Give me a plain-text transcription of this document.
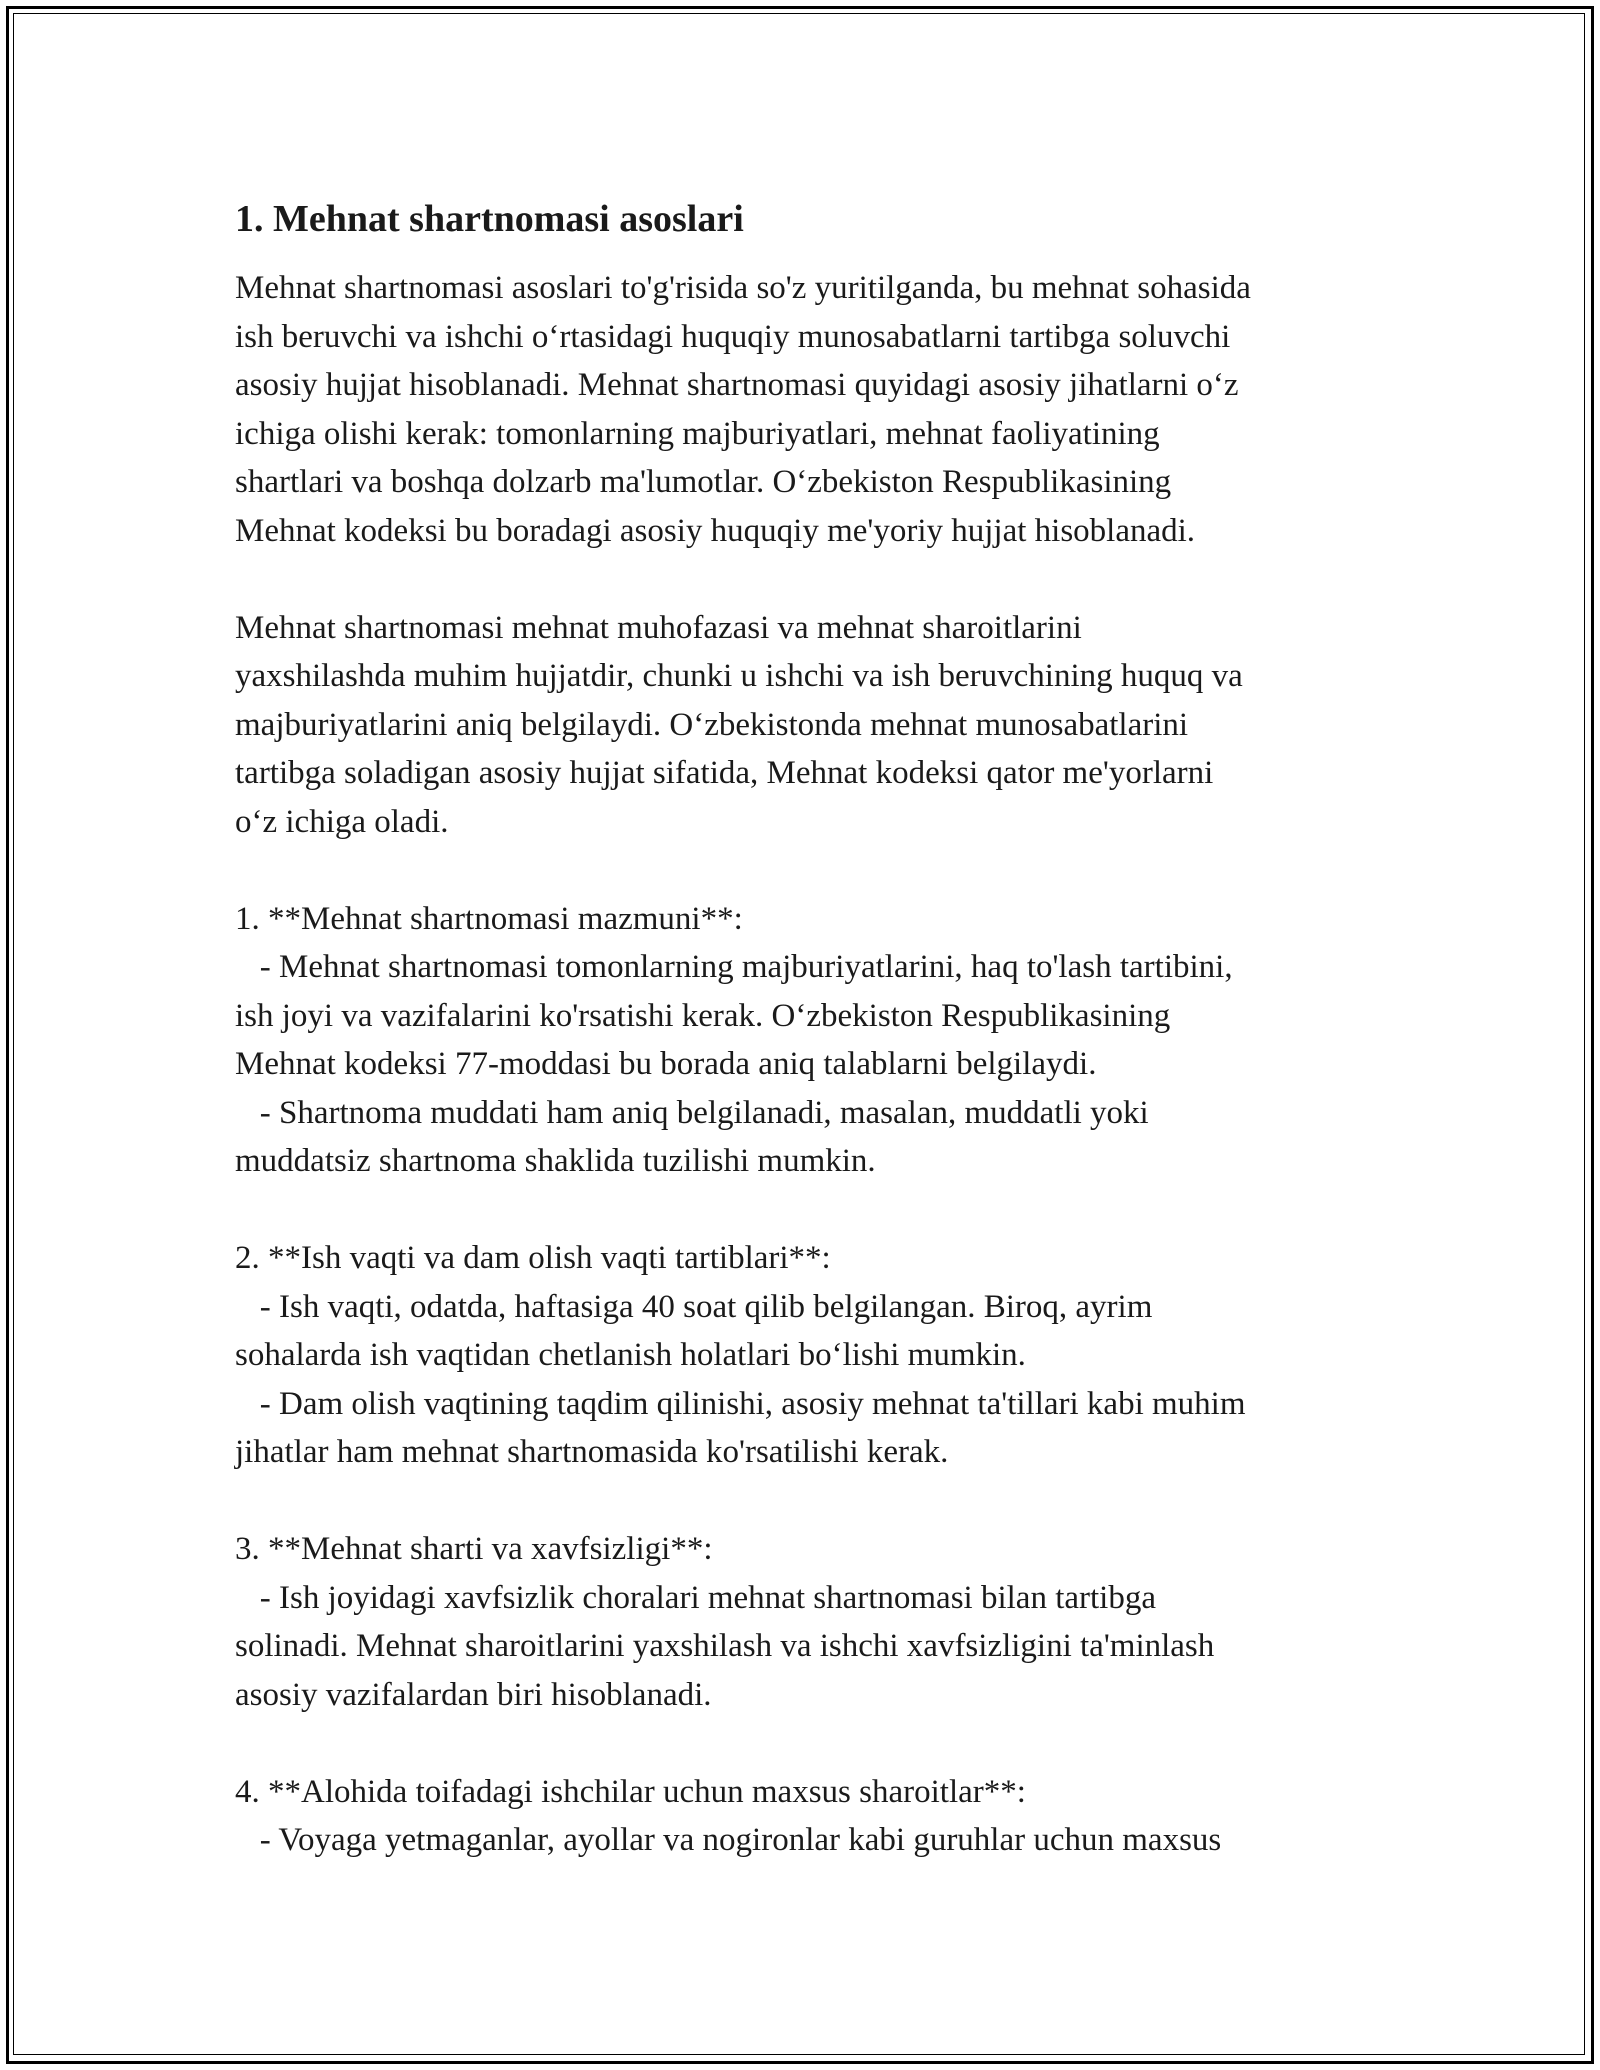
1. Mehnat shartnomasi asoslari

Mehnat shartnomasi asoslari to'g'risida so'z yuritilganda, bu mehnat sohasida
ish beruvchi va ishchi o‘rtasidagi huquqiy munosabatlarni tartibga soluvchi
asosiy hujjat hisoblanadi. Mehnat shartnomasi quyidagi asosiy jihatlarni o‘z
ichiga olishi kerak: tomonlarning majburiyatlari, mehnat faoliyatining
shartlari va boshqa dolzarb ma'lumotlar. O‘zbekiston Respublikasining
Mehnat kodeksi bu boradagi asosiy huquqiy me'yoriy hujjat hisoblanadi.

Mehnat shartnomasi mehnat muhofazasi va mehnat sharoitlarini
yaxshilashda muhim hujjatdir, chunki u ishchi va ish beruvchining huquq va
majburiyatlarini aniq belgilaydi. O‘zbekistonda mehnat munosabatlarini
tartibga soladigan asosiy hujjat sifatida, Mehnat kodeksi qator me'yorlarni
o‘z ichiga oladi.

1. **Mehnat shartnomasi mazmuni**:
- Mehnat shartnomasi tomonlarning majburiyatlarini, haq to'lash tartibini,
ish joyi va vazifalarini ko'rsatishi kerak. O‘zbekiston Respublikasining
Mehnat kodeksi 77-moddasi bu borada aniq talablarni belgilaydi.
- Shartnoma muddati ham aniq belgilanadi, masalan, muddatli yoki
muddatsiz shartnoma shaklida tuzilishi mumkin.

2. **Ish vaqti va dam olish vaqti tartiblari**:
- Ish vaqti, odatda, haftasiga 40 soat qilib belgilangan. Biroq, ayrim
sohalarda ish vaqtidan chetlanish holatlari bo‘lishi mumkin.
- Dam olish vaqtining taqdim qilinishi, asosiy mehnat ta'tillari kabi muhim
jihatlar ham mehnat shartnomasida ko'rsatilishi kerak.

3. **Mehnat sharti va xavfsizligi**:
- Ish joyidagi xavfsizlik choralari mehnat shartnomasi bilan tartibga
solinadi. Mehnat sharoitlarini yaxshilash va ishchi xavfsizligini ta'minlash
asosiy vazifalardan biri hisoblanadi.

4. **Alohida toifadagi ishchilar uchun maxsus sharoitlar**:
- Voyaga yetmaganlar, ayollar va nogironlar kabi guruhlar uchun maxsus
